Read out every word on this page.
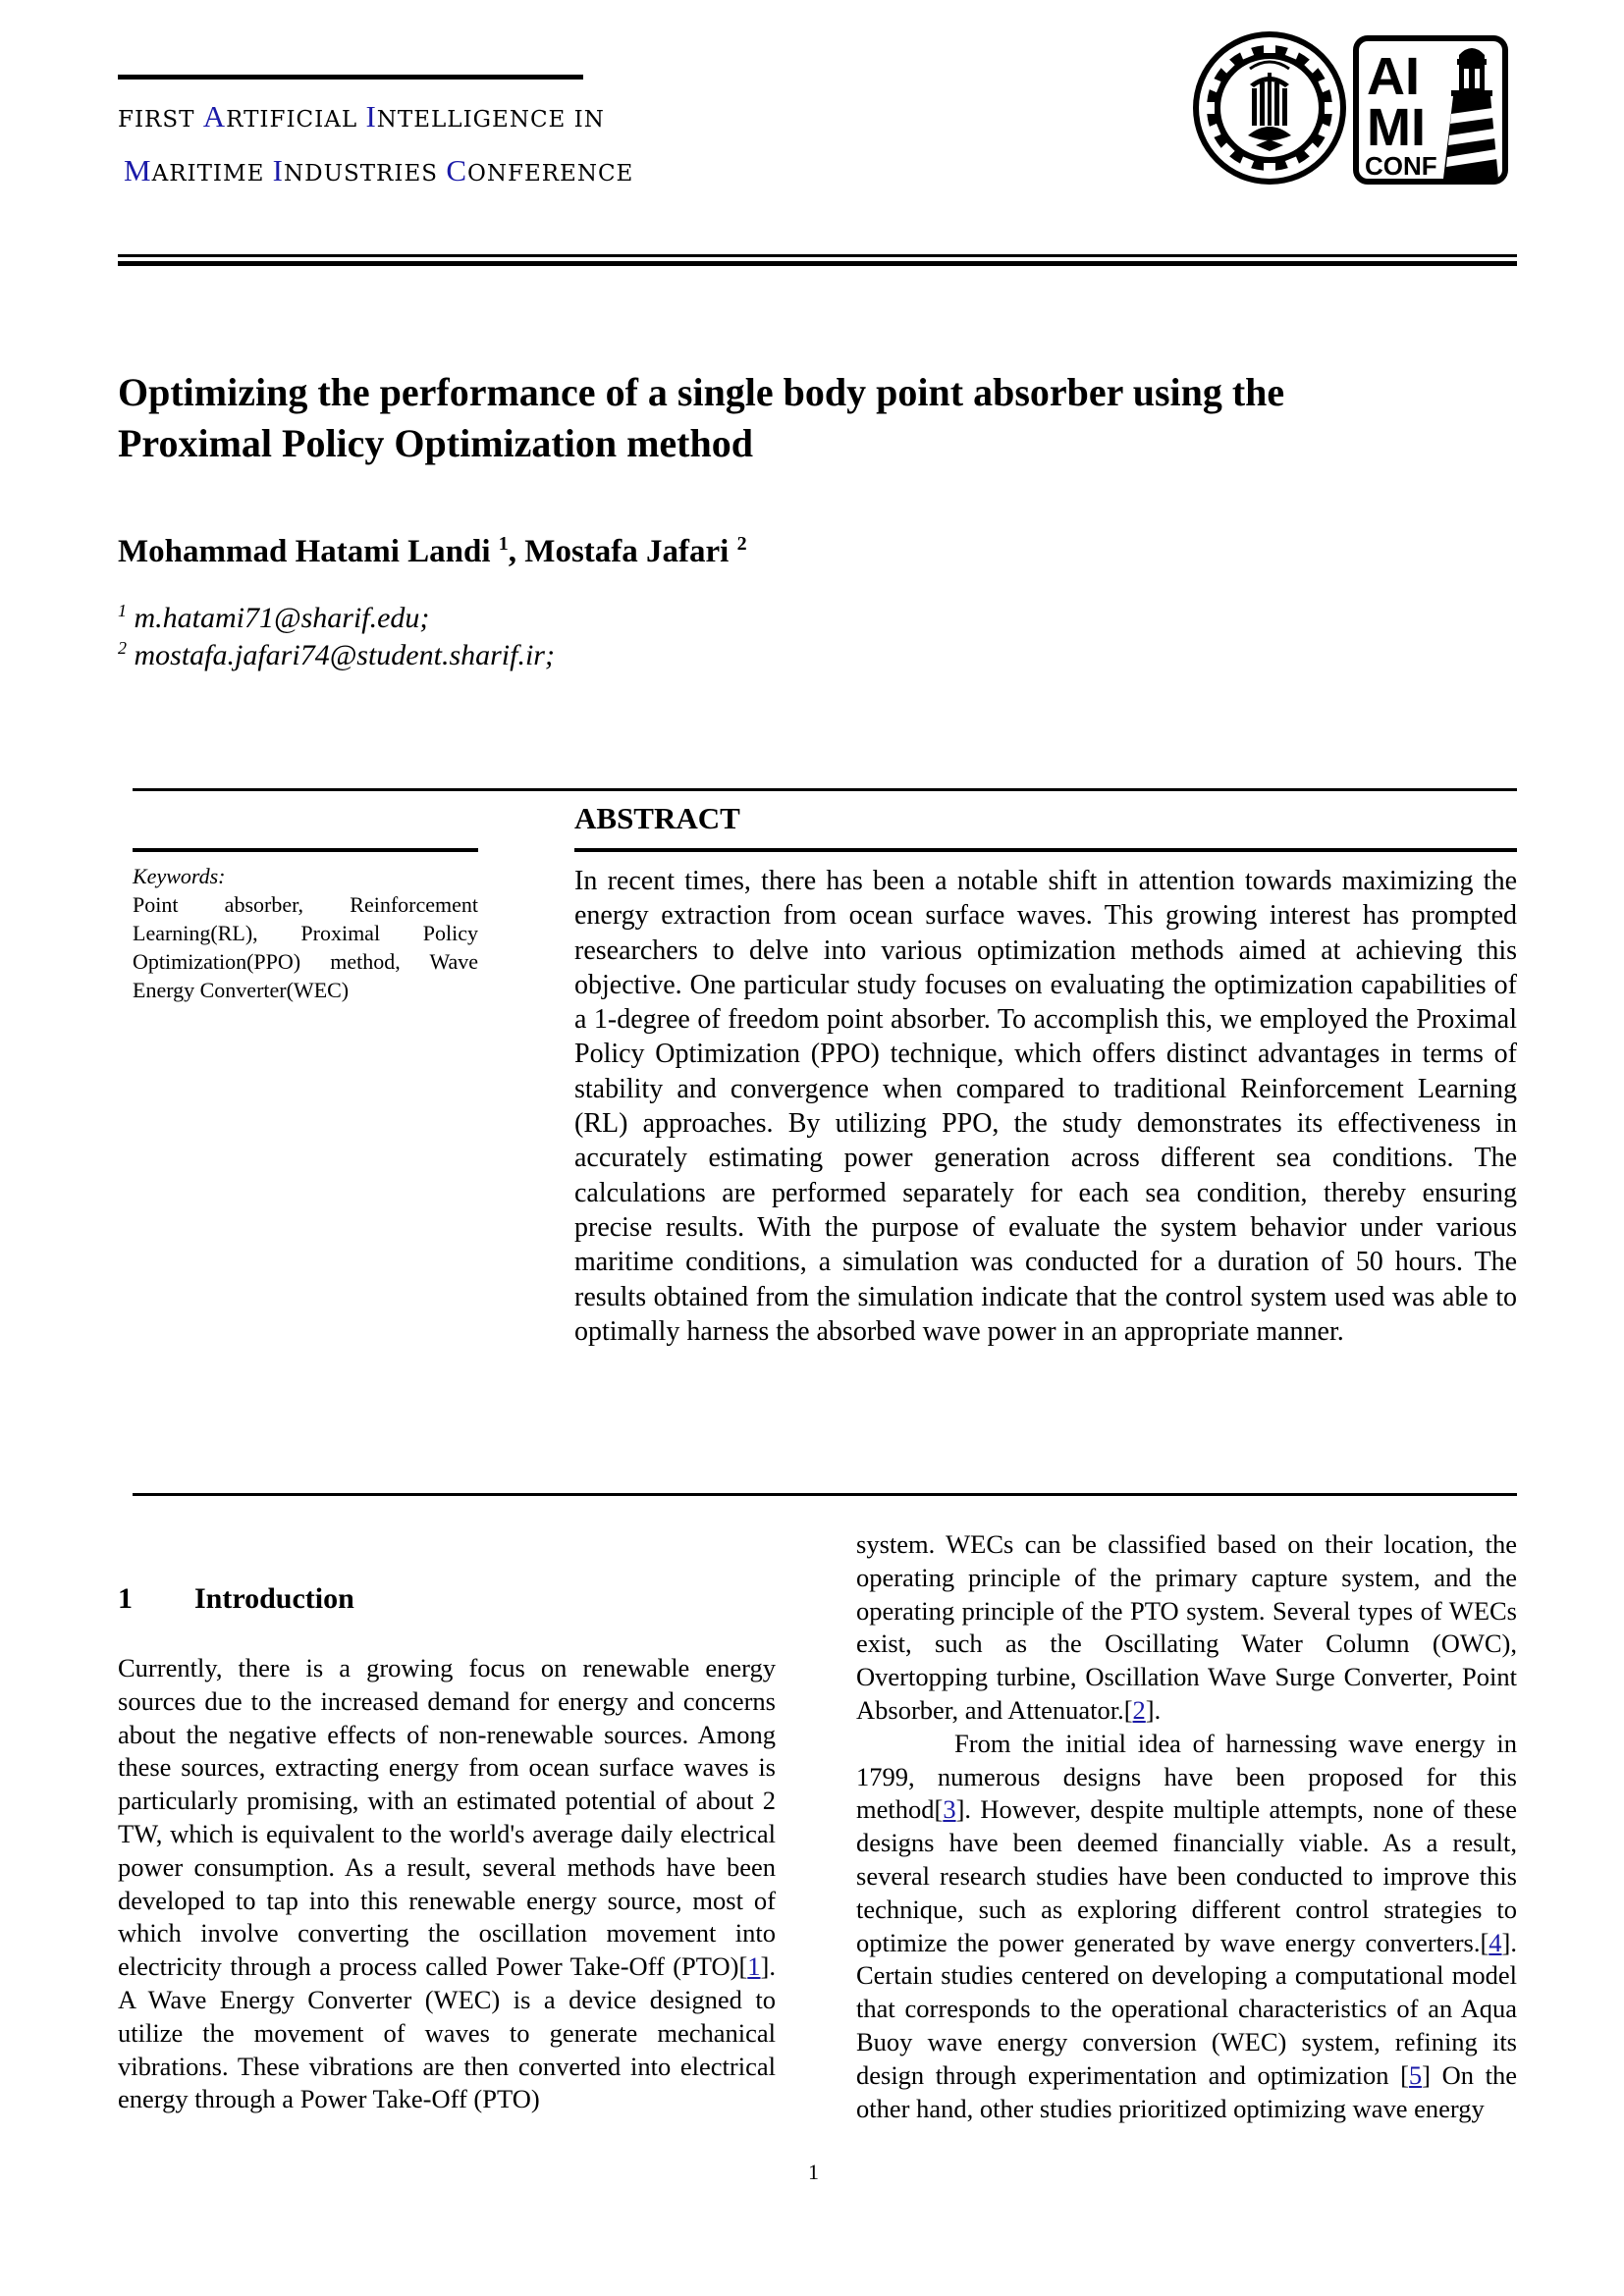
FIRST ARTIFICIAL INTELLIGENCE IN
MARITIME INDUSTRIES CONFERENCE
AI
MI
CONF
Optimizing the performance of a single body point absorber using the
Proximal Policy Optimization method
Mohammad Hatami Landi $^1$, Mostafa Jafari $^2$
$^1$ m.hatami71@sharif.edu;
$^2$ mostafa.jafari74@student.sharif.ir;
ABSTRACT
Keywords:
Point absorber, Reinforcement Learning(RL), Proximal Policy Optimization(PPO) method, Wave Energy Converter(WEC)
In recent times, there has been a notable shift in attention towards maximizing the energy extraction from ocean surface waves. This growing interest has prompted researchers to delve into various optimization methods aimed at achieving this objective. One particular study focuses on evaluating the optimization capabilities of a 1-degree of freedom point absorber. To accomplish this, we employed the Proximal Policy Optimization (PPO) technique, which offers distinct advantages in terms of stability and convergence when compared to traditional Reinforcement Learning (RL) approaches. By utilizing PPO, the study demonstrates its effectiveness in accurately estimating power generation across different sea conditions. The calculations are performed separately for each sea condition, thereby ensuring precise results. With the purpose of evaluate the system behavior under various maritime conditions, a simulation was conducted for a duration of 50 hours. The results obtained from the simulation indicate that the control system used was able to optimally harness the absorbed wave power in an appropriate manner.
1 Introduction
Currently, there is a growing focus on renewable energy sources due to the increased demand for energy and concerns about the negative effects of non-renewable sources. Among these sources, extracting energy from ocean surface waves is particularly promising, with an estimated potential of about 2 TW, which is equivalent to the world's average daily electrical power consumption. As a result, several methods have been developed to tap into this renewable energy source, most of which involve converting the oscillation movement into electricity through a process called Power Take-Off (PTO)[1]. A Wave Energy Converter (WEC) is a device designed to utilize the movement of waves to generate mechanical vibrations. These vibrations are then converted into electrical energy through a Power Take-Off (PTO)
system. WECs can be classified based on their location, the operating principle of the primary capture system, and the operating principle of the PTO system. Several types of WECs exist, such as the Oscillating Water Column (OWC), Overtopping turbine, Oscillation Wave Surge Converter, Point Absorber, and Attenuator.[2].
From the initial idea of harnessing wave energy in 1799, numerous designs have been proposed for this method[3]. However, despite multiple attempts, none of these designs have been deemed financially viable. As a result, several research studies have been conducted to improve this technique, such as exploring different control strategies to optimize the power generated by wave energy converters.[4]. Certain studies centered on developing a computational model that corresponds to the operational characteristics of an Aqua Buoy wave energy conversion (WEC) system, refining its design through experimentation and optimization [5] On the other hand, other studies prioritized optimizing wave energy
1
